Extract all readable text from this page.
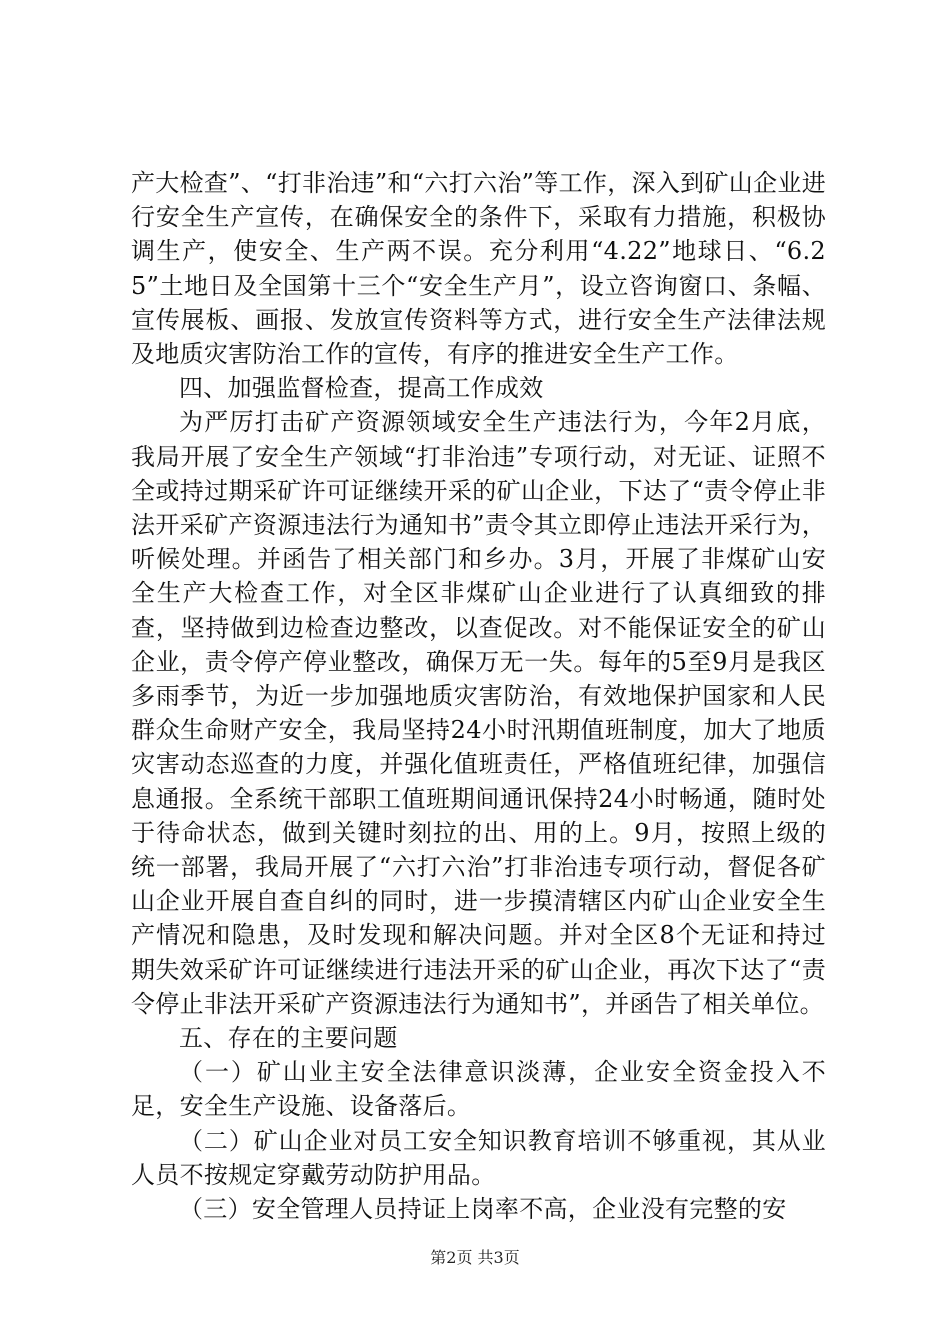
产大检查”、“打非治违”和“六打六治”等工作，深入到矿山企业进行安全生产宣传，在确保安全的条件下，采取有力措施，积极协调生产，使安全、生产两不误。充分利用“4.22”地球日、“6.25”土地日及全国第十三个“安全生产月”，设立咨询窗口、条幅、宣传展板、画报、发放宣传资料等方式，进行安全生产法律法规及地质灾害防治工作的宣传，有序的推进安全生产工作。

四、加强监督检查，提高工作成效

为严厉打击矿产资源领域安全生产违法行为，今年2月底，我局开展了安全生产领域“打非治违”专项行动，对无证、证照不全或持过期采矿许可证继续开采的矿山企业，下达了“责令停止非法开采矿产资源违法行为通知书”责令其立即停止违法开采行为，听候处理。并函告了相关部门和乡办。3月，开展了非煤矿山安全生产大检查工作，对全区非煤矿山企业进行了认真细致的排查，坚持做到边检查边整改，以查促改。对不能保证安全的矿山企业，责令停产停业整改，确保万无一失。每年的5至9月是我区多雨季节，为近一步加强地质灾害防治，有效地保护国家和人民群众生命财产安全，我局坚持24小时汛期值班制度，加大了地质灾害动态巡查的力度，并强化值班责任，严格值班纪律，加强信息通报。全系统干部职工值班期间通讯保持24小时畅通，随时处于待命状态，做到关键时刻拉的出、用的上。9月，按照上级的统一部署，我局开展了“六打六治”打非治违专项行动，督促各矿山企业开展自查自纠的同时，进一步摸清辖区内矿山企业安全生产情况和隐患，及时发现和解决问题。并对全区8个无证和持过期失效采矿许可证继续进行违法开采的矿山企业，再次下达了“责令停止非法开采矿产资源违法行为通知书”，并函告了相关单位。

五、存在的主要问题

（一）矿山业主安全法律意识淡薄，企业安全资金投入不足，安全生产设施、设备落后。

（二）矿山企业对员工安全知识教育培训不够重视，其从业人员不按规定穿戴劳动防护用品。

（三）安全管理人员持证上岗率不高，企业没有完整的安

第2页 共3页
